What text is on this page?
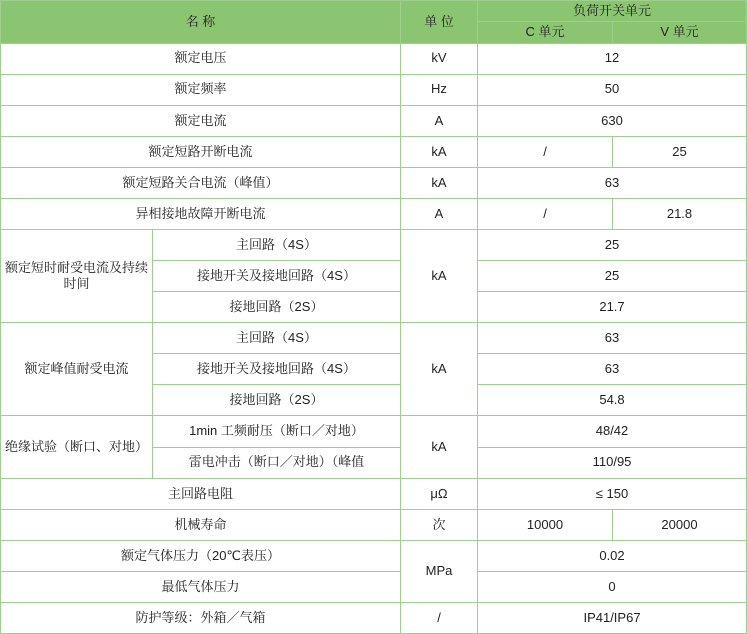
名 称		单 位	负荷开关单元	
			C 单元	V 单元
额定电压		kV	12	
额定频率		Hz	50	
额定电流		A	630	
额定短路开断电流		kA	/	25
额定短路关合电流（峰值）		kA	63	
异相接地故障开断电流		A	/	21.8
额定短时耐受电流及持续时间	主回路（4S）	kA	25	
	接地开关及接地回路（4S）		25	
	接地回路（2S）		21.7	
额定峰值耐受电流	主回路（4S）	kA	63	
	接地开关及接地回路（4S）		63	
	接地回路（2S）		54.8	
绝缘试验（断口、对地）	1min 工频耐压（断口／对地）	kA	48/42	
	雷电冲击（断口／对地）（峰值		110/95	
主回路电阻		μΩ	≤ 150	
机械寿命		次	10000	20000
额定气体压力（20℃表压）		MPa	0.02	
最低气体压力			0	
防护等级：外箱／气箱		/	IP41/IP67	
